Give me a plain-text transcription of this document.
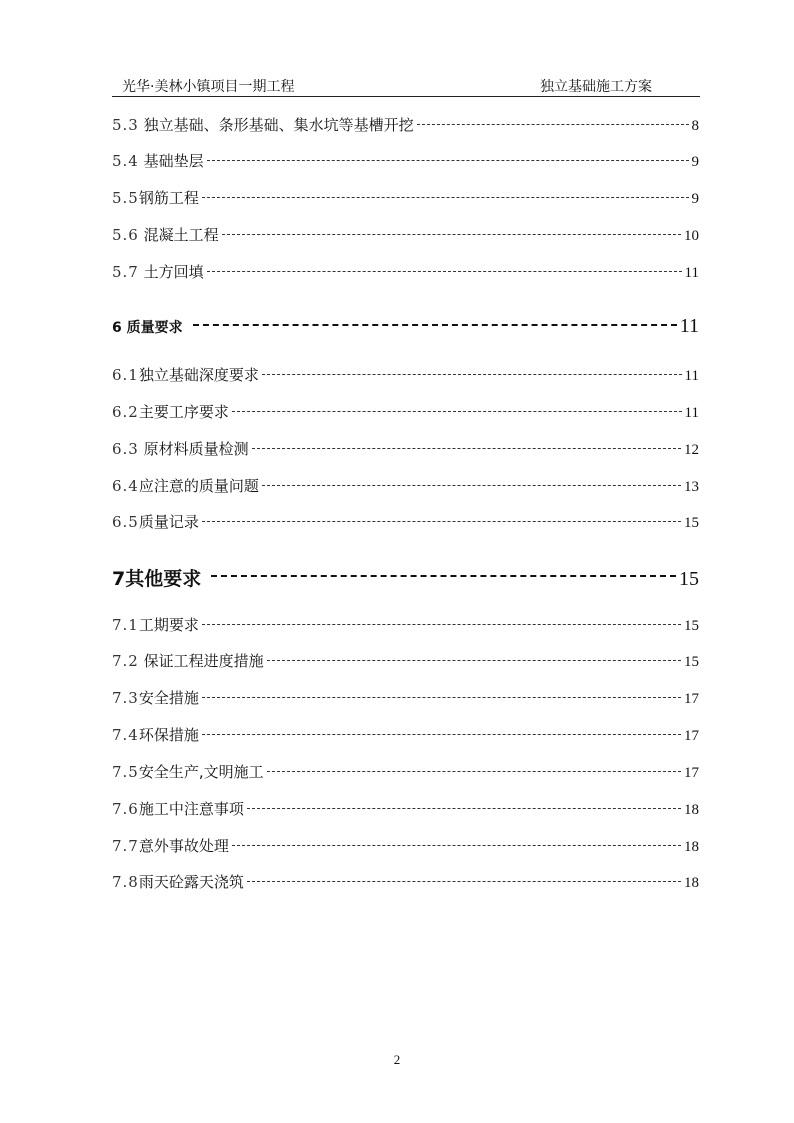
光华·美林小镇项目一期工程	独立基础施工方案
5.3 独立基础、条形基础、集水坑等基槽开挖	8
5.4 基础垫层	9
5.5钢筋工程	9
5.6 混凝土工程	10
5.7 土方回填	11
6 质量要求	11
6.1独立基础深度要求	11
6.2主要工序要求	11
6.3 原材料质量检测	12
6.4应注意的质量问题	13
6.5质量记录	15
7其他要求	15
7.1工期要求	15
7.2 保证工程进度措施	15
7.3安全措施	17
7.4环保措施	17
7.5安全生产,文明施工	17
7.6施工中注意事项	18
7.7意外事故处理	18
7.8雨天砼露天浇筑	18
2
